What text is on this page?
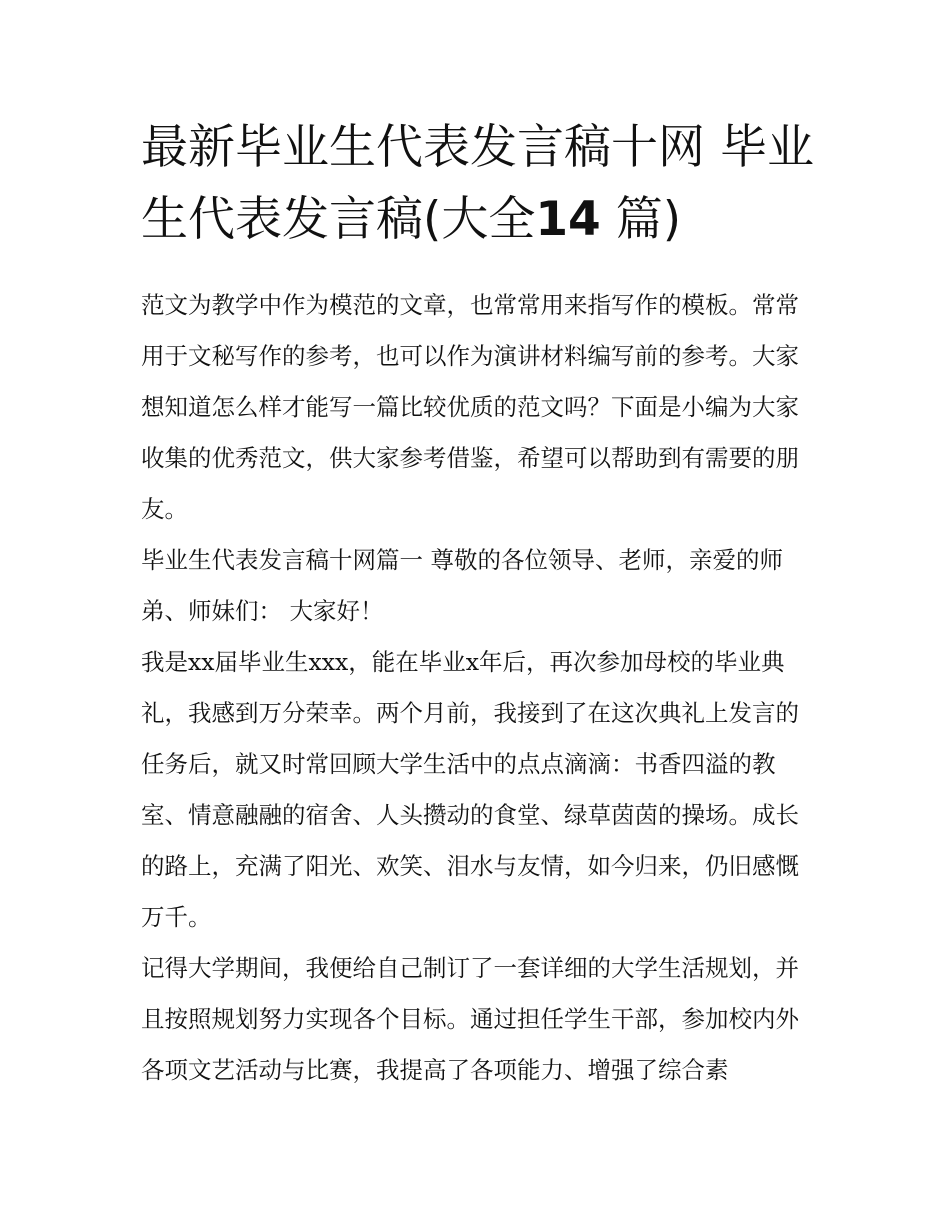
最新毕业生代表发言稿十网 毕业生代表发言稿(大全14 篇)

范文为教学中作为模范的文章，也常常用来指写作的模板。常常用于文秘写作的参考，也可以作为演讲材料编写前的参考。大家想知道怎么样才能写一篇比较优质的范文吗？下面是小编为大家收集的优秀范文，供大家参考借鉴，希望可以帮助到有需要的朋友。

毕业生代表发言稿十网篇一 尊敬的各位领导、老师，亲爱的师弟、师妹们： 大家好！

我是xx届毕业生xxx，能在毕业x年后，再次参加母校的毕业典礼，我感到万分荣幸。两个月前，我接到了在这次典礼上发言的任务后，就又时常回顾大学生活中的点点滴滴：书香四溢的教室、情意融融的宿舍、人头攒动的食堂、绿草茵茵的操场。成长的路上，充满了阳光、欢笑、泪水与友情，如今归来，仍旧感慨万千。

记得大学期间，我便给自己制订了一套详细的大学生活规划，并且按照规划努力实现各个目标。通过担任学生干部，参加校内外各项文艺活动与比赛，我提高了各项能力、增强了综合素
